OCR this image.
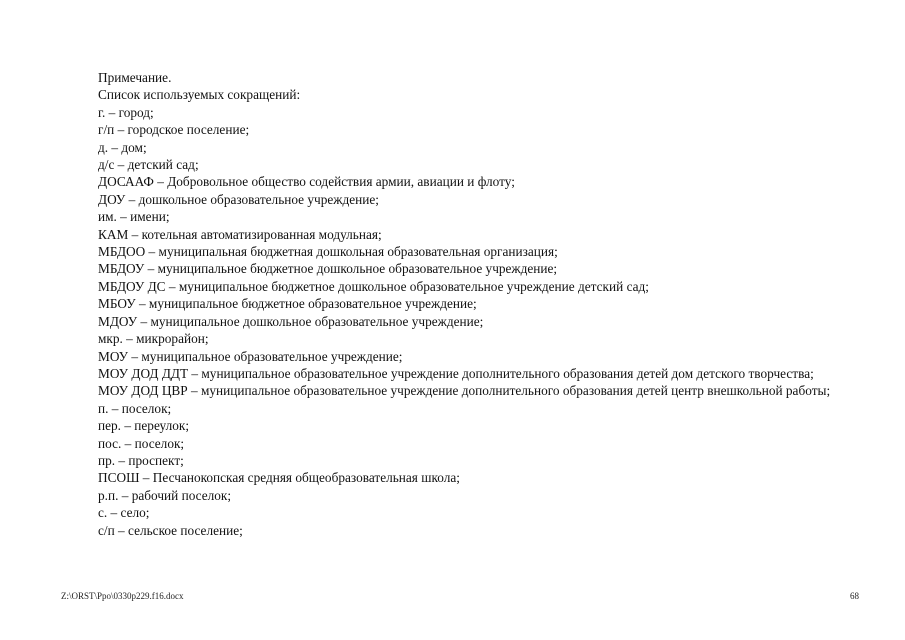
Примечание.
Список используемых сокращений:
г. – город;
г/п – городское поселение;
д. – дом;
д/с – детский сад;
ДОСААФ – Добровольное общество содействия армии, авиации и флоту;
ДОУ – дошкольное образовательное учреждение;
им. – имени;
КАМ – котельная автоматизированная модульная;
МБДОО – муниципальная бюджетная дошкольная образовательная организация;
МБДОУ – муниципальное бюджетное дошкольное образовательное учреждение;
МБДОУ ДС – муниципальное бюджетное дошкольное образовательное учреждение детский сад;
МБОУ – муниципальное бюджетное образовательное учреждение;
МДОУ – муниципальное дошкольное образовательное учреждение;
мкр. – микрорайон;
МОУ – муниципальное образовательное учреждение;
МОУ ДОД ДДТ – муниципальное образовательное учреждение дополнительного образования детей дом детского творчества;
МОУ ДОД ЦВР – муниципальное образовательное учреждение дополнительного образования детей центр внешкольной работы;
п. – поселок;
пер. – переулок;
пос. – поселок;
пр. – проспект;
ПСОШ – Песчанокопская средняя общеобразовательная школа;
р.п. – рабочий поселок;
с. – село;
с/п – сельское поселение;
Z:\ORST\Ppo\0330p229.f16.docx	68
